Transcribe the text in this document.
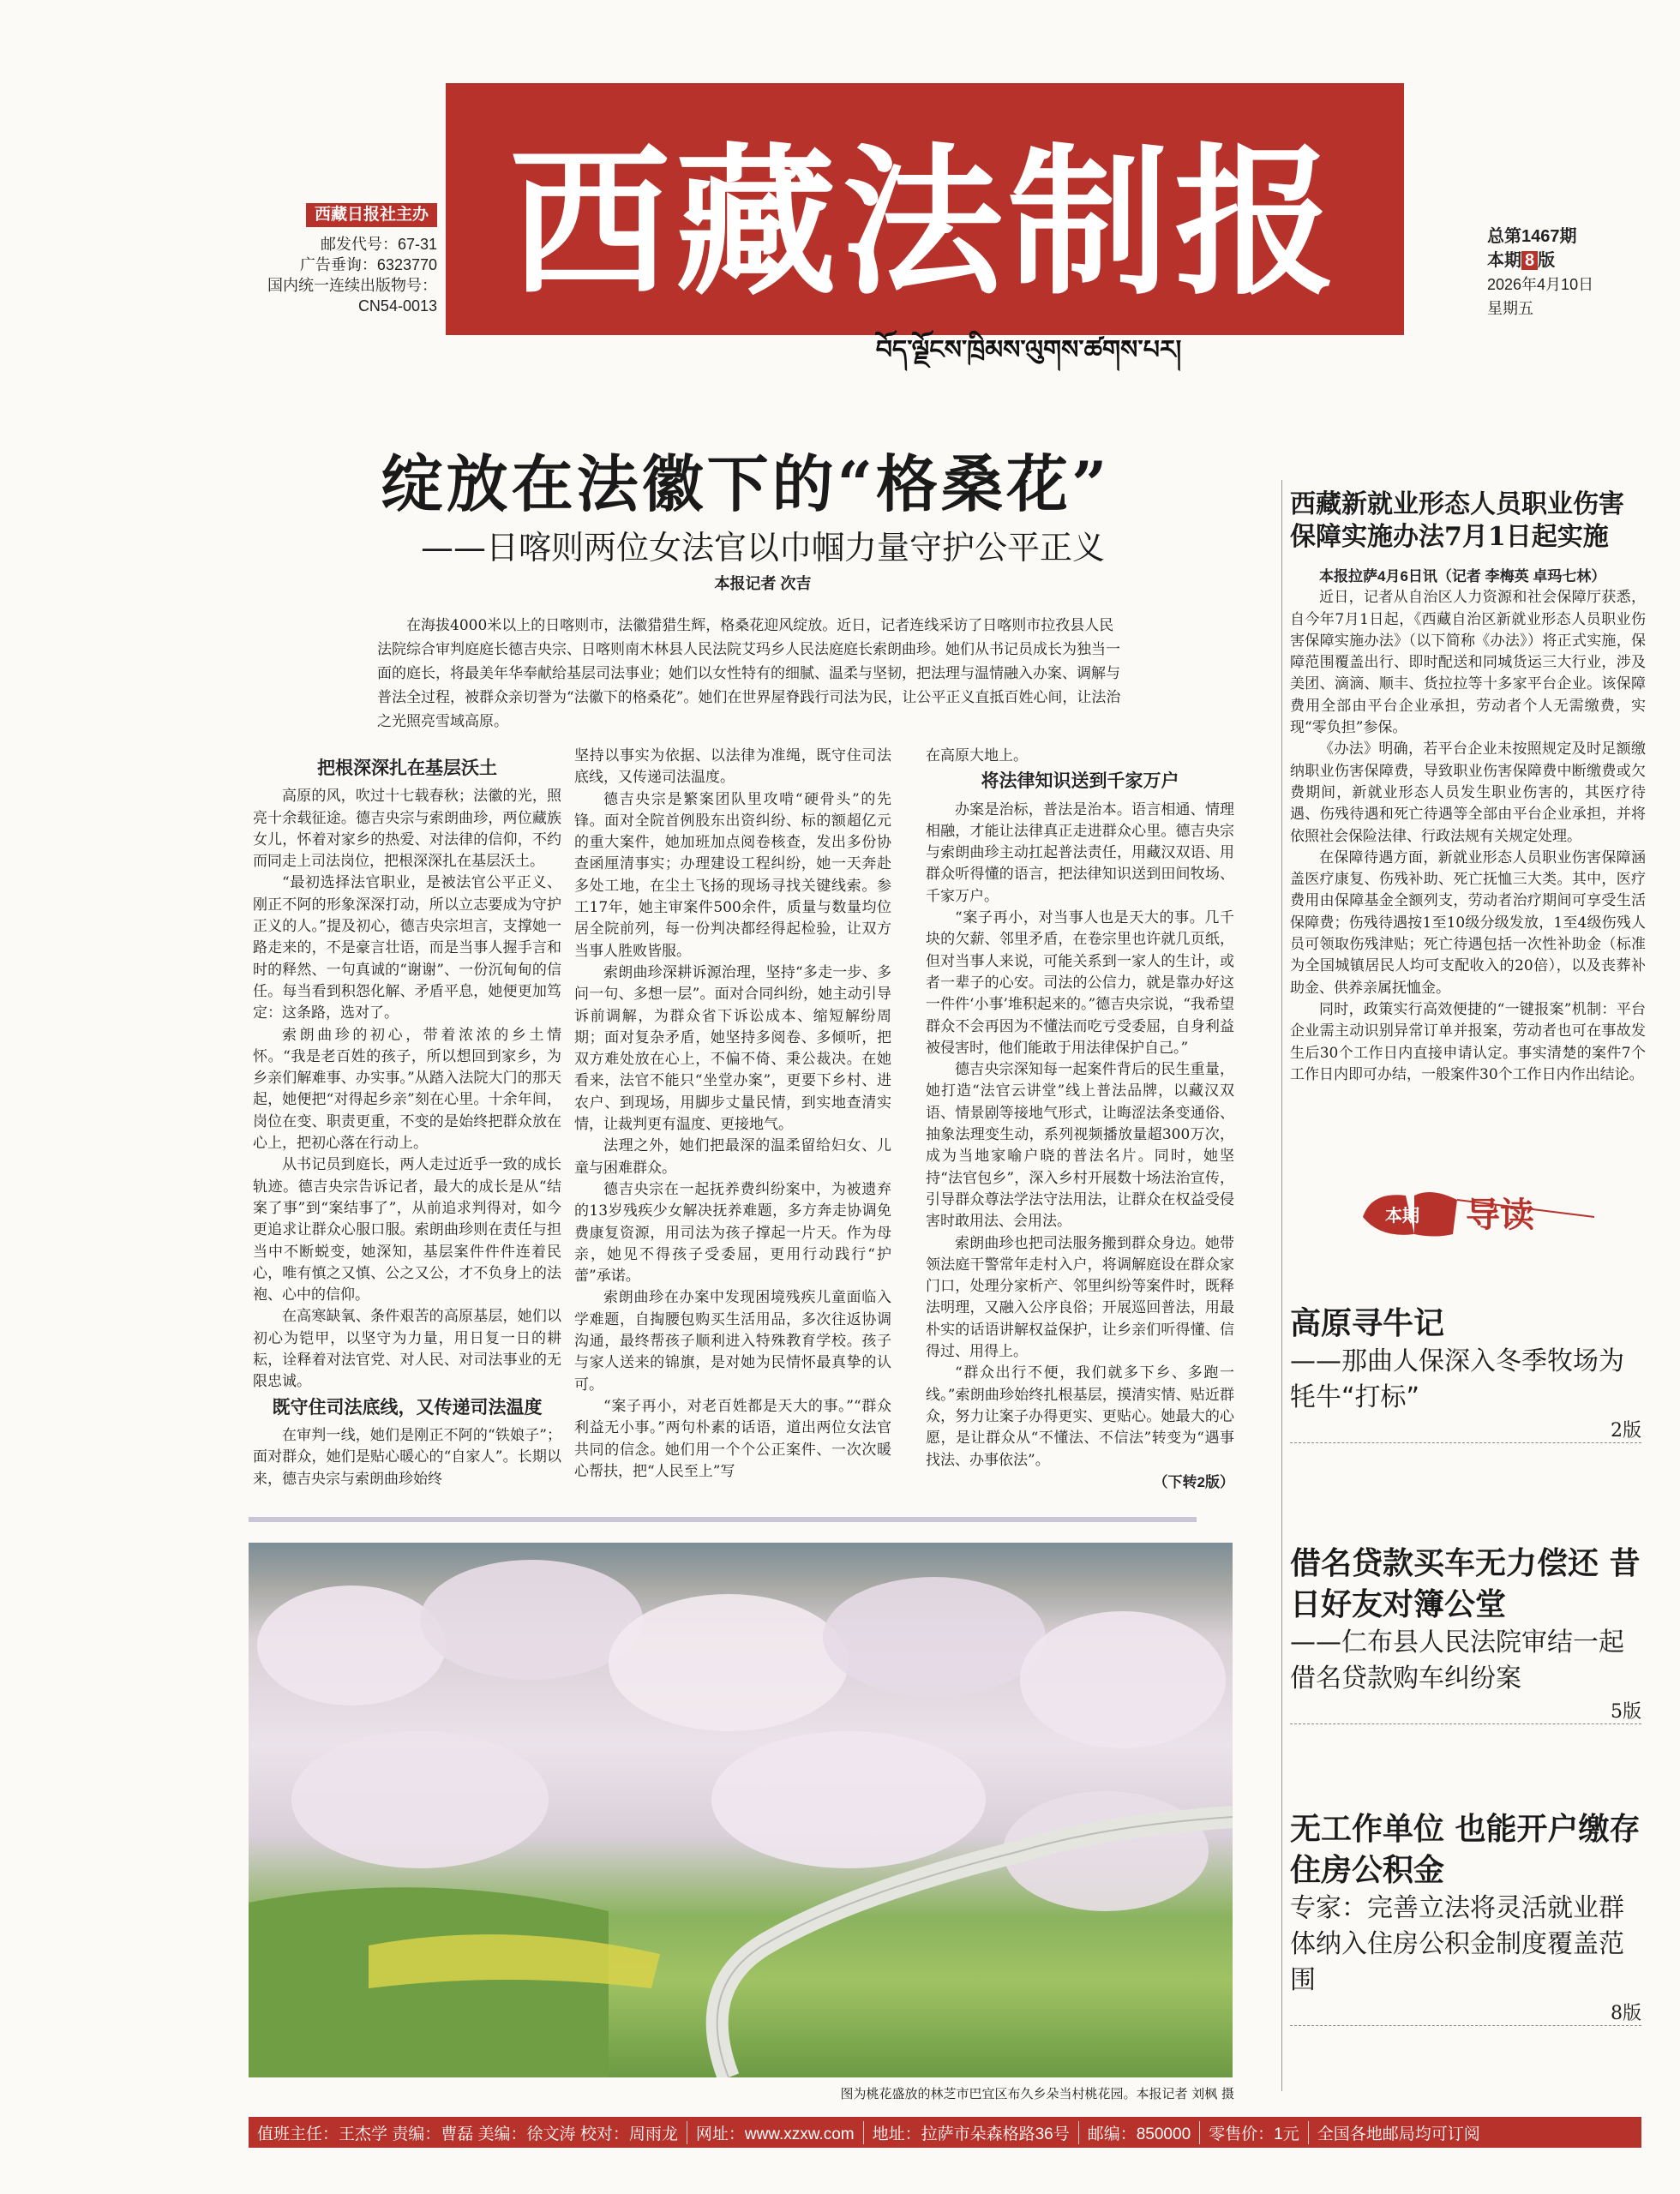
西藏法制报
བོད་ལྗོངས་ཁྲིམས་ལུགས་ཚགས་པར།
西藏日报社主办
邮发代号：67-31
广告垂询：6323770
国内统一连续出版物号：
CN54-0013
总第1467期
本期 8 版
2026年4月10日
星期五
绽放在法徽下的“格桑花”
——日喀则两位女法官以巾帼力量守护公平正义
本报记者 次吉
在海拔4000米以上的日喀则市，法徽猎猎生辉，格桑花迎风绽放。近日，记者连线采访了日喀则市拉孜县人民法院综合审判庭庭长德吉央宗、日喀则南木林县人民法院艾玛乡人民法庭庭长索朗曲珍。她们从书记员成长为独当一面的庭长，将最美年华奉献给基层司法事业；她们以女性特有的细腻、温柔与坚韧，把法理与温情融入办案、调解与普法全过程，被群众亲切誉为“法徽下的格桑花”。她们在世界屋脊践行司法为民，让公平正义直抵百姓心间，让法治之光照亮雪域高原。
把根深深扎在基层沃土

高原的风，吹过十七载春秋；法徽的光，照亮十余载征途。德吉央宗与索朗曲珍，两位藏族女儿，怀着对家乡的热爱、对法律的信仰，不约而同走上司法岗位，把根深深扎在基层沃土。

“最初选择法官职业，是被法官公平正义、刚正不阿的形象深深打动，所以立志要成为守护正义的人。”提及初心，德吉央宗坦言，支撑她一路走来的，不是豪言壮语，而是当事人握手言和时的释然、一句真诚的“谢谢”、一份沉甸甸的信任。每当看到积怨化解、矛盾平息，她便更加笃定：这条路，选对了。

索朗曲珍的初心，带着浓浓的乡土情怀。“我是老百姓的孩子，所以想回到家乡，为乡亲们解难事、办实事。”从踏入法院大门的那天起，她便把“对得起乡亲”刻在心里。十余年间，岗位在变、职责更重，不变的是始终把群众放在心上，把初心落在行动上。

从书记员到庭长，两人走过近乎一致的成长轨迹。德吉央宗告诉记者，最大的成长是从“结案了事”到“案结事了”，从前追求判得对，如今更追求让群众心服口服。索朗曲珍则在责任与担当中不断蜕变，她深知，基层案件件件连着民心，唯有慎之又慎、公之又公，才不负身上的法袍、心中的信仰。

在高寒缺氧、条件艰苦的高原基层，她们以初心为铠甲，以坚守为力量，用日复一日的耕耘，诠释着对法官党、对人民、对司法事业的无限忠诚。

既守住司法底线，又传递司法温度

在审判一线，她们是刚正不阿的“铁娘子”；面对群众，她们是贴心暖心的“自家人”。长期以来，德吉央宗与索朗曲珍始终

坚持以事实为依据、以法律为准绳，既守住司法底线，又传递司法温度。

德吉央宗是繁案团队里攻啃“硬骨头”的先锋。面对全院首例股东出资纠纷、标的额超亿元的重大案件，她加班加点阅卷核查，发出多份协查函厘清事实；办理建设工程纠纷，她一天奔赴多处工地，在尘土飞扬的现场寻找关键线索。参工17年，她主审案件500余件，质量与数量均位居全院前列，每一份判决都经得起检验，让双方当事人胜败皆服。

索朗曲珍深耕诉源治理，坚持“多走一步、多问一句、多想一层”。面对合同纠纷，她主动引导诉前调解，为群众省下诉讼成本、缩短解纷周期；面对复杂矛盾，她坚持多阅卷、多倾听，把双方难处放在心上，不偏不倚、秉公裁决。在她看来，法官不能只“坐堂办案”，更要下乡村、进农户、到现场，用脚步丈量民情，到实地查清实情，让裁判更有温度、更接地气。

法理之外，她们把最深的温柔留给妇女、儿童与困难群众。

德吉央宗在一起抚养费纠纷案中，为被遗弃的13岁残疾少女解决抚养难题，多方奔走协调免费康复资源，用司法为孩子撑起一片天。作为母亲，她见不得孩子受委屈，更用行动践行“护蕾”承诺。

索朗曲珍在办案中发现困境残疾儿童面临入学难题，自掏腰包购买生活用品，多次往返协调沟通，最终帮孩子顺利进入特殊教育学校。孩子与家人送来的锦旗，是对她为民情怀最真挚的认可。

“案子再小，对老百姓都是天大的事。”“群众利益无小事。”两句朴素的话语，道出两位女法官共同的信念。她们用一个个公正案件、一次次暖心帮扶，把“人民至上”写

在高原大地上。

将法律知识送到千家万户

办案是治标，普法是治本。语言相通、情理相融，才能让法律真正走进群众心里。德吉央宗与索朗曲珍主动扛起普法责任，用藏汉双语、用群众听得懂的语言，把法律知识送到田间牧场、千家万户。

“案子再小，对当事人也是天大的事。几千块的欠薪、邻里矛盾，在卷宗里也许就几页纸，但对当事人来说，可能关系到一家人的生计，或者一辈子的心安。司法的公信力，就是靠办好这一件件‘小事’堆积起来的。”德吉央宗说，“我希望群众不会再因为不懂法而吃亏受委屈，自身利益被侵害时，他们能敢于用法律保护自己。”

德吉央宗深知每一起案件背后的民生重量，她打造“法官云讲堂”线上普法品牌，以藏汉双语、情景剧等接地气形式，让晦涩法条变通俗、抽象法理变生动，系列视频播放量超300万次，成为当地家喻户晓的普法名片。同时，她坚持“法官包乡”，深入乡村开展数十场法治宣传，引导群众尊法学法守法用法，让群众在权益受侵害时敢用法、会用法。

索朗曲珍也把司法服务搬到群众身边。她带领法庭干警常年走村入户，将调解庭设在群众家门口，处理分家析产、邻里纠纷等案件时，既释法明理，又融入公序良俗；开展巡回普法，用最朴实的话语讲解权益保护，让乡亲们听得懂、信得过、用得上。

“群众出行不便，我们就多下乡、多跑一线。”索朗曲珍始终扎根基层，摸清实情、贴近群众，努力让案子办得更实、更贴心。她最大的心愿，是让群众从“不懂法、不信法”转变为“遇事找法、办事依法”。

（下转2版）
西藏新就业形态人员职业伤害保障实施办法7月1日起实施

本报拉萨4月6日讯（记者 李梅英 卓玛七林）

近日，记者从自治区人力资源和社会保障厅获悉，自今年7月1日起，《西藏自治区新就业形态人员职业伤害保障实施办法》（以下简称《办法》）将正式实施，保障范围覆盖出行、即时配送和同城货运三大行业，涉及美团、滴滴、顺丰、货拉拉等十多家平台企业。该保障费用全部由平台企业承担，劳动者个人无需缴费，实现“零负担”参保。

《办法》明确，若平台企业未按照规定及时足额缴纳职业伤害保障费，导致职业伤害保障费中断缴费或欠费期间，新就业形态人员发生职业伤害的，其医疗待遇、伤残待遇和死亡待遇等全部由平台企业承担，并将依照社会保险法律、行政法规有关规定处理。

在保障待遇方面，新就业形态人员职业伤害保障涵盖医疗康复、伤残补助、死亡抚恤三大类。其中，医疗费用由保障基金全额列支，劳动者治疗期间可享受生活保障费；伤残待遇按1至10级分级发放，1至4级伤残人员可领取伤残津贴；死亡待遇包括一次性补助金（标准为全国城镇居民人均可支配收入的20倍），以及丧葬补助金、供养亲属抚恤金。

同时，政策实行高效便捷的“一键报案”机制：平台企业需主动识别异常订单并报案，劳动者也可在事故发生后30个工作日内直接申请认定。事实清楚的案件7个工作日内即可办结，一般案件30个工作日内作出结论。

本期 导读
高原寻牛记
——那曲人保深入冬季牧场为牦牛“打标”
2版
借名贷款买车无力偿还 昔日好友对簿公堂
——仁布县人民法院审结一起借名贷款购车纠纷案
5版
无工作单位 也能开户缴存住房公积金
专家：完善立法将灵活就业群体纳入住房公积金制度覆盖范围
8版
图为桃花盛放的林芝市巴宜区布久乡朵当村桃花园。本报记者 刘枫 摄
值班主任：王杰学 责编：曹磊 美编：徐文涛 校对：周雨龙	网址：www.xzxw.com	地址：拉萨市朵森格路36号	邮编：850000	零售价：1元	全国各地邮局均可订阅
